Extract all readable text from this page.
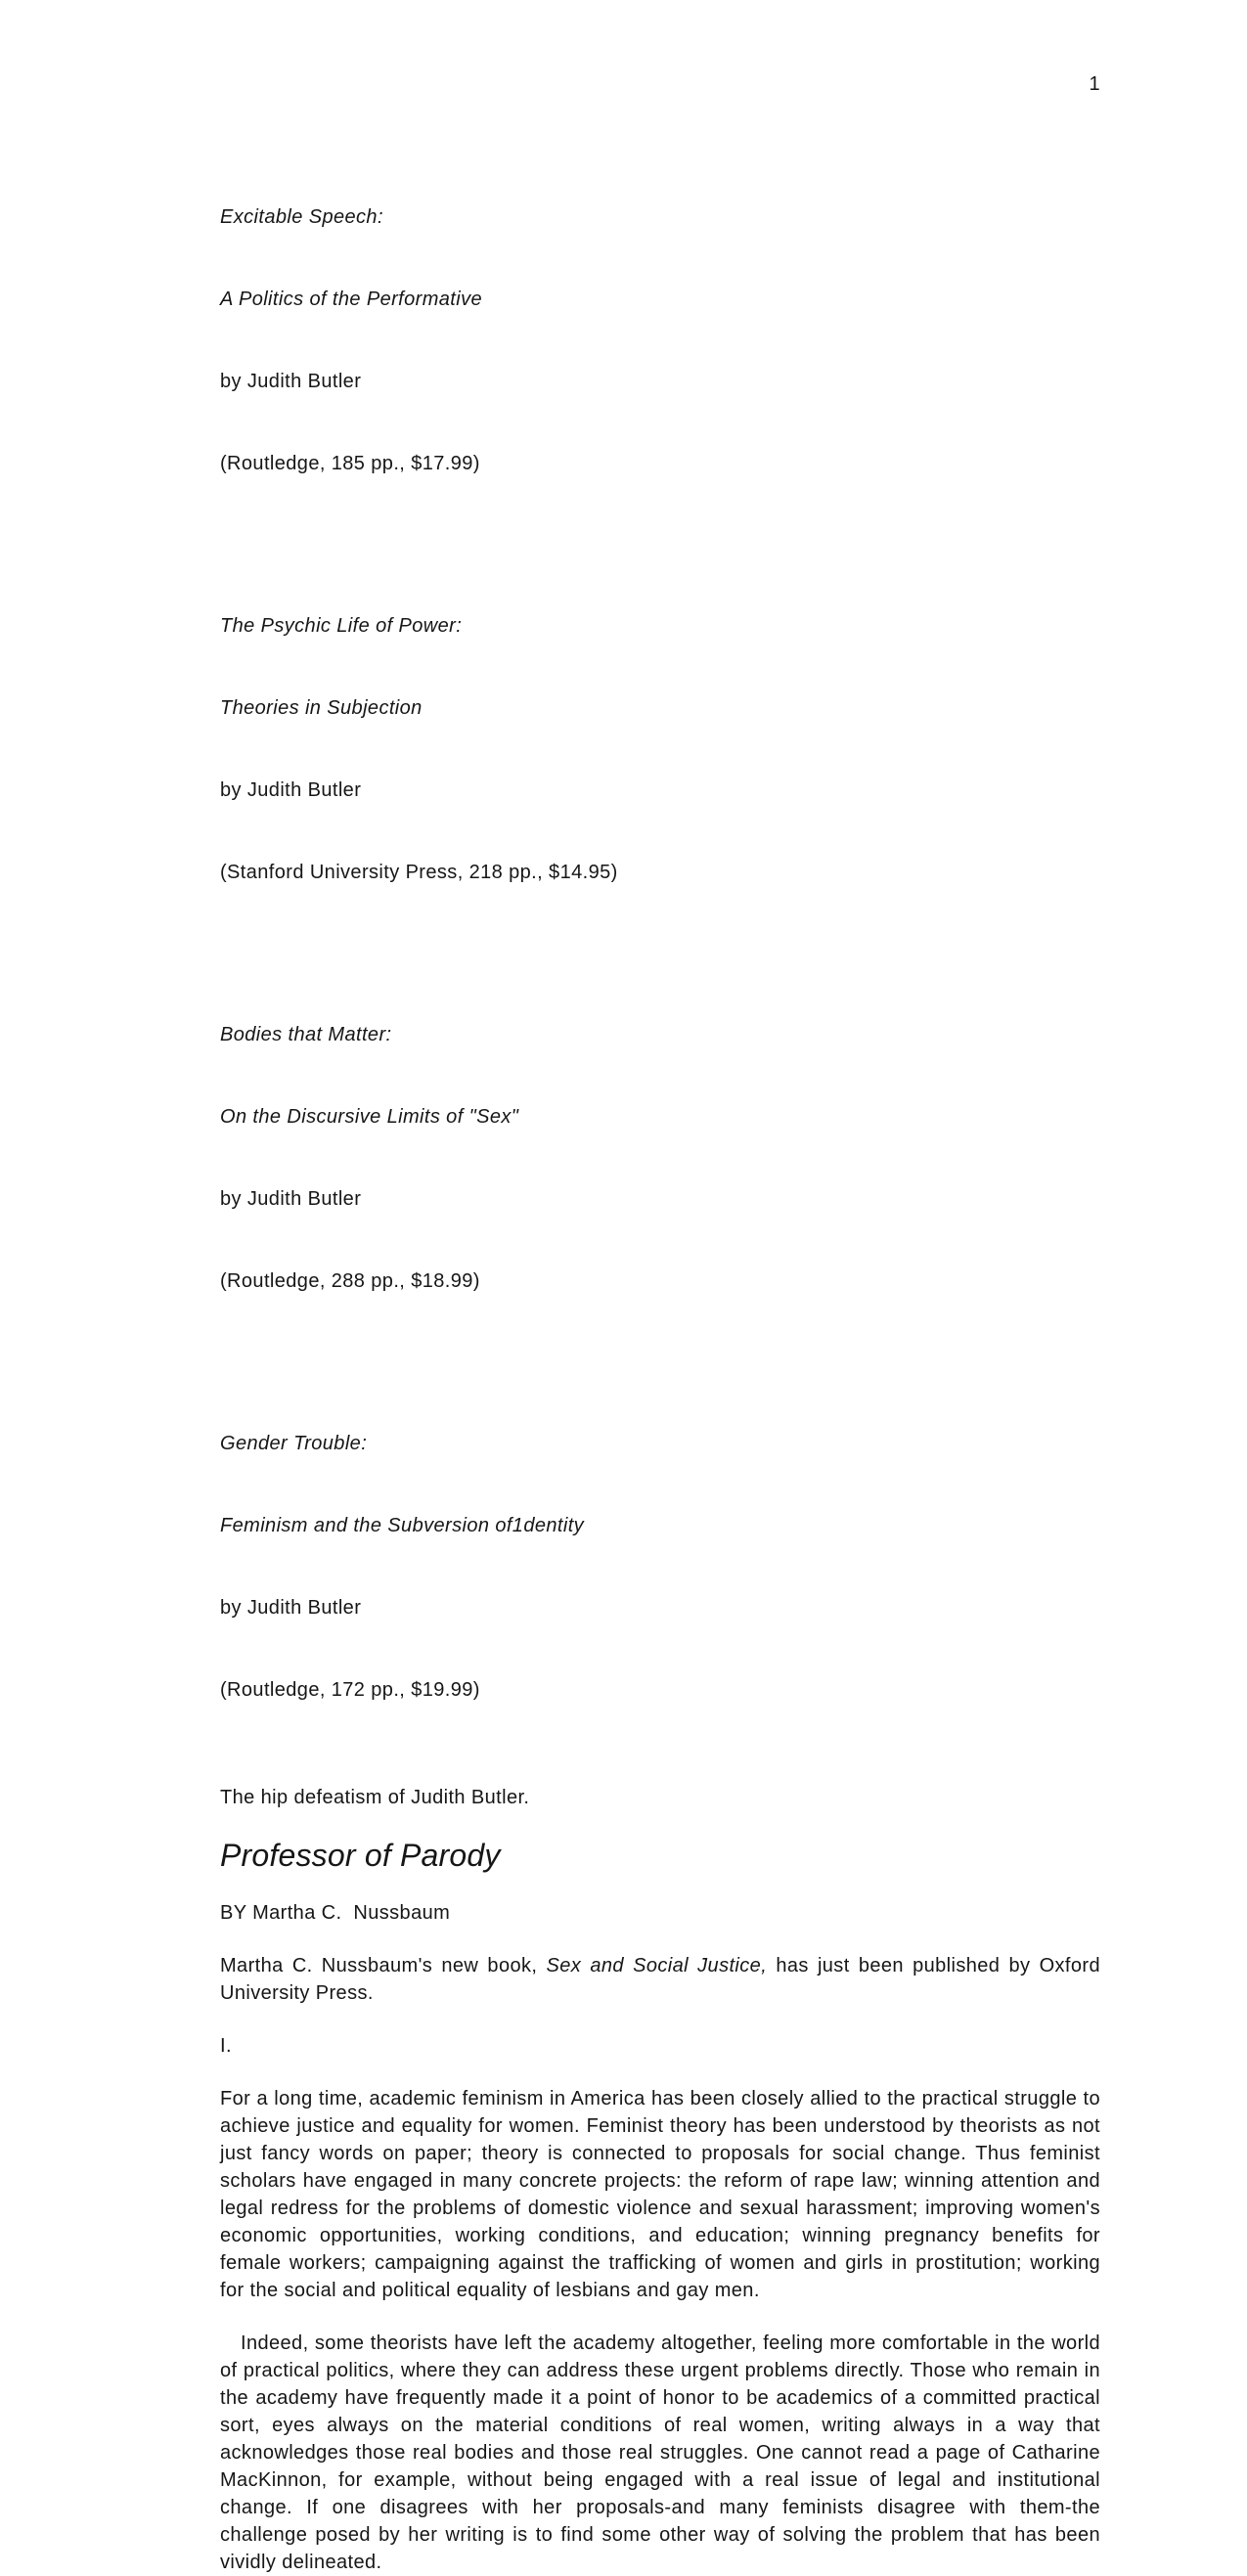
1

Excitable Speech:

A Politics of the Performative

by Judith Butler

(Routledge, 185 pp., $17.99)

The Psychic Life of Power:

Theories in Subjection

by Judith Butler

(Stanford University Press, 218 pp., $14.95)

Bodies that Matter:

On the Discursive Limits of "Sex"

by Judith Butler

(Routledge, 288 pp., $18.99)

Gender Trouble:

Feminism and the Subversion of1dentity

by Judith Butler

(Routledge, 172 pp., $19.99)

The hip defeatism of Judith Butler.
Professor of Parody
BY Martha C.  Nussbaum

Martha C. Nussbaum's new book, Sex and Social Justice, has just been published by Oxford University Press.

I.

For a long time, academic feminism in America has been closely allied to the practical struggle to achieve justice and equality for women. Feminist theory has been understood by theorists as not just fancy words on paper; theory is connected to proposals for social change. Thus feminist scholars have engaged in many concrete projects: the reform of rape law; winning attention and legal redress for the problems of domestic violence and sexual harassment; improving women's economic opportunities, working conditions, and education; winning pregnancy benefits for female workers; campaigning against the trafficking of women and girls in prostitution; working for the social and political equality of lesbians and gay men.

Indeed, some theorists have left the academy altogether, feeling more comfortable in the world of practical politics, where they can address these urgent problems directly. Those who remain in the academy have frequently made it a point of honor to be academics of a committed practical sort, eyes always on the material conditions of real women, writing always in a way that acknowledges those real bodies and those real struggles. One cannot read a page of Catharine MacKinnon, for example, without being engaged with a real issue of legal and institutional change. If one disagrees with her proposals-and many feminists disagree with them-the challenge posed by her writing is to find some other way of solving the problem that has been vividly delineated.
